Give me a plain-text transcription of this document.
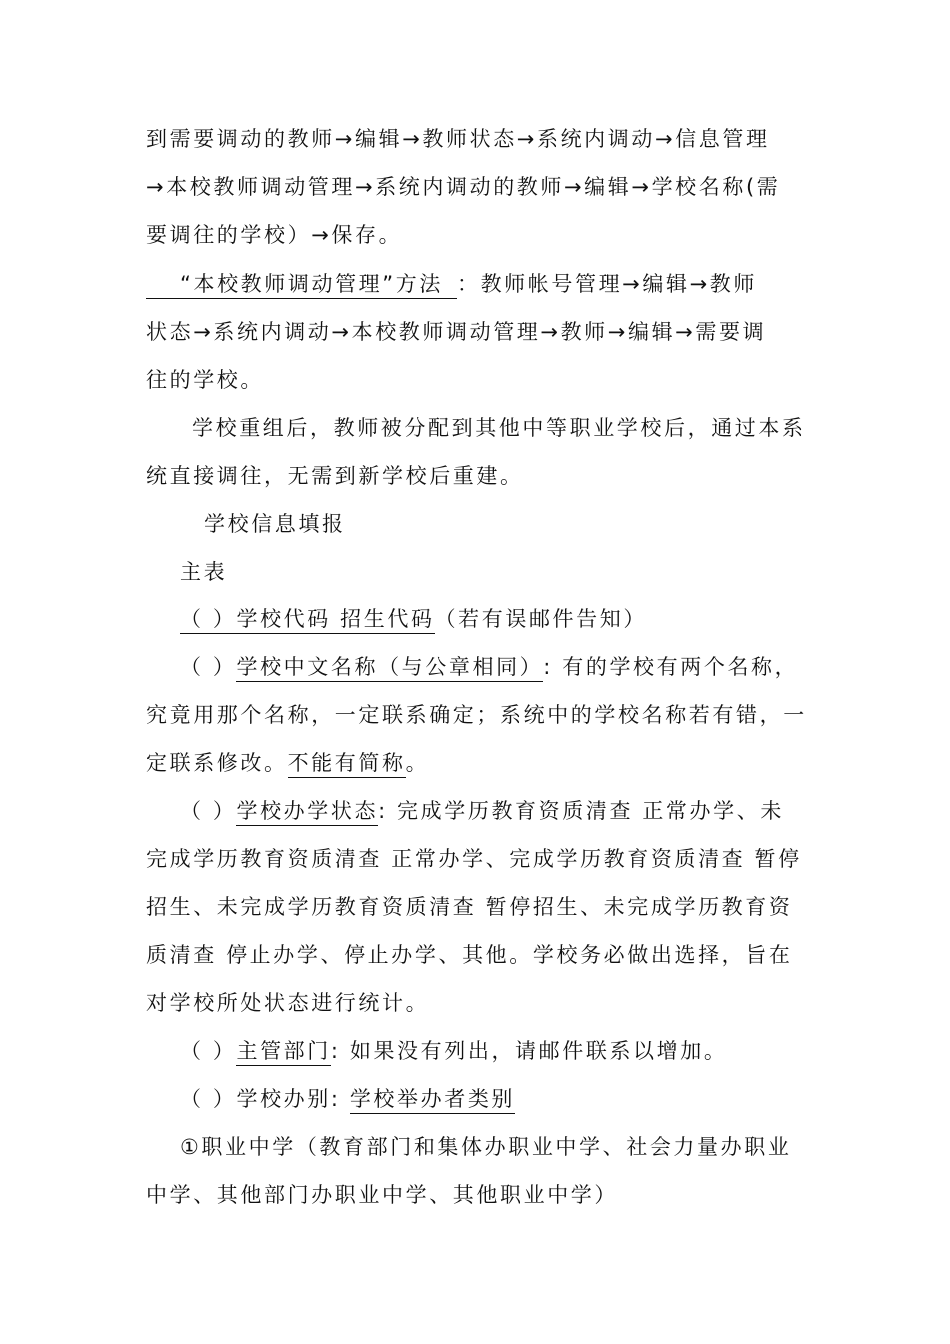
到需要调动的教师→编辑→教师状态→系统内调动→信息管理
→本校教师调动管理→系统内调动的教师→编辑→学校名称(需
要调往的学校）→保存。
“本校教师调动管理”方法 ：教师帐号管理→编辑→教师
状态→系统内调动→本校教师调动管理→教师→编辑→需要调
往的学校。
学校重组后，教师被分配到其他中等职业学校后，通过本系
统直接调往，无需到新学校后重建。
学校信息填报
主表
（ ）学校代码 招生代码（若有误邮件告知）
（ ）学校中文名称（与公章相同）: 有的学校有两个名称，
究竟用那个名称，一定联系确定；系统中的学校名称若有错，一
定联系修改。不能有简称。
（ ）学校办学状态: 完成学历教育资质清查 正常办学、未
完成学历教育资质清查 正常办学、完成学历教育资质清查 暂停
招生、未完成学历教育资质清查 暂停招生、未完成学历教育资
质清查 停止办学、停止办学、其他。学校务必做出选择，旨在
对学校所处状态进行统计。
（ ）主管部门: 如果没有列出，请邮件联系以增加。
（ ）学校办别: 学校举办者类别
①职业中学（教育部门和集体办职业中学、社会力量办职业
中学、其他部门办职业中学、其他职业中学）
